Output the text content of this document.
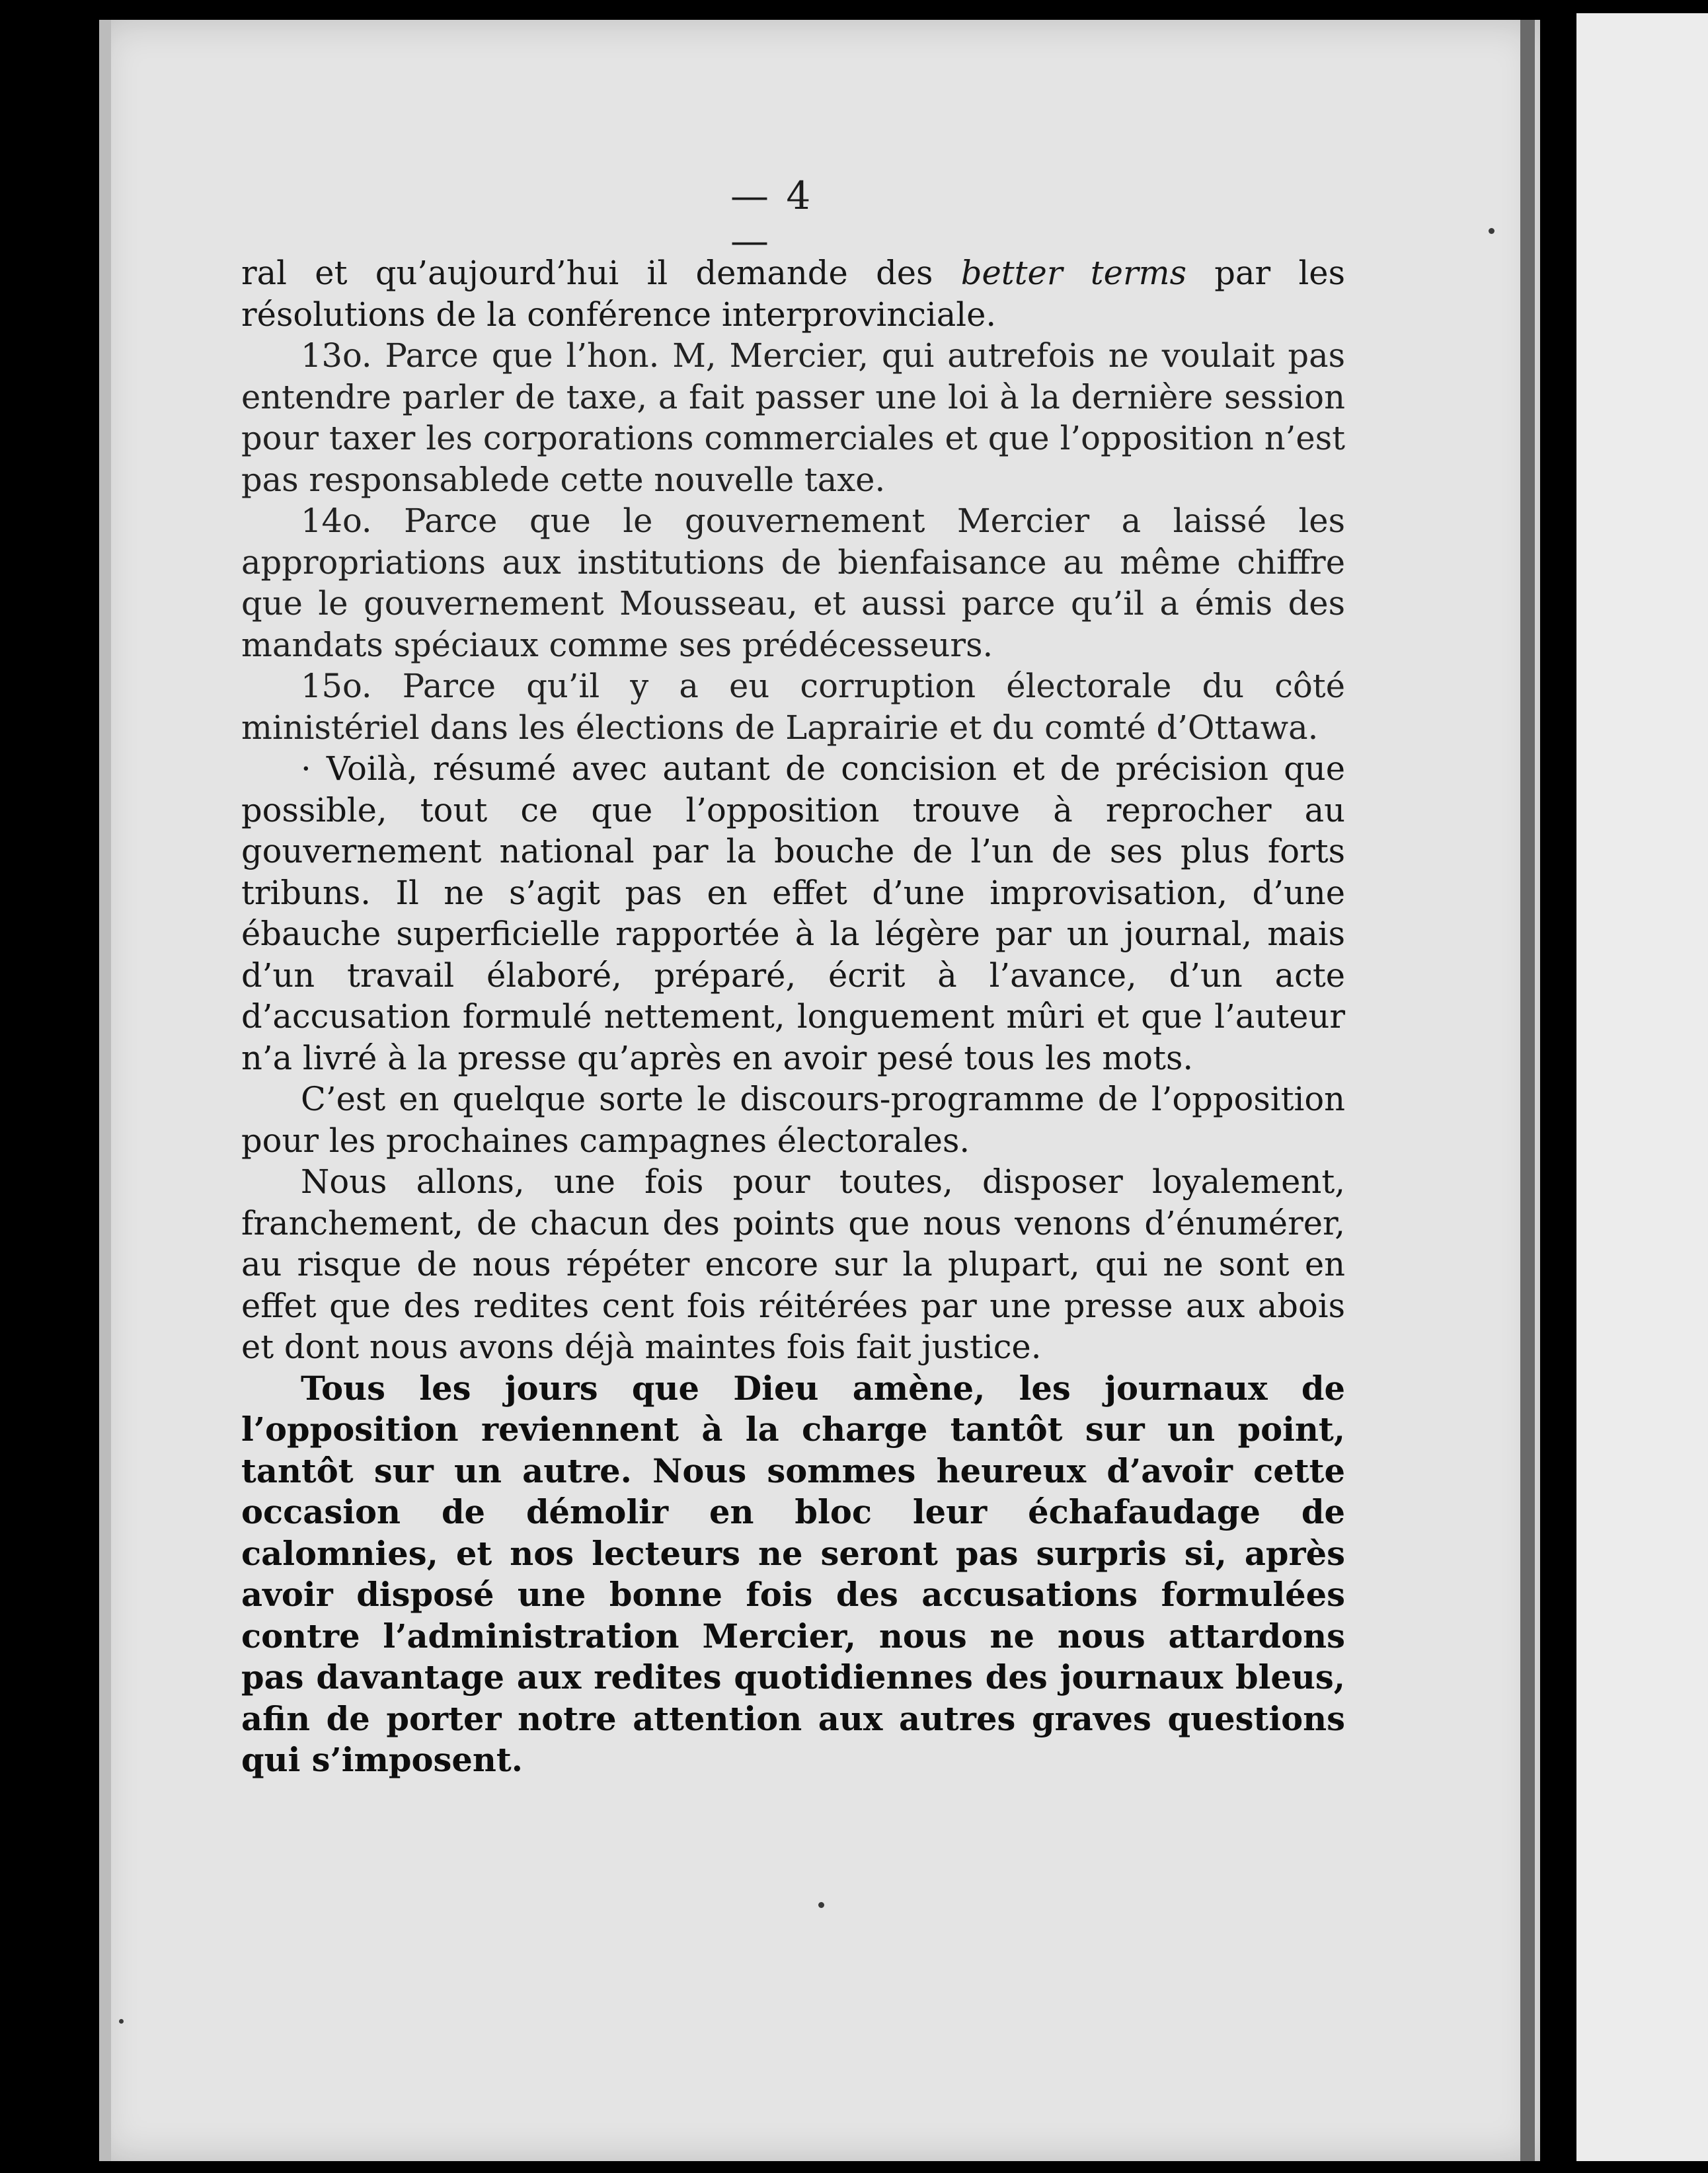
— 4 —

ral et qu’aujourd’hui il demande des better terms par les résolutions de la conférence interprovinciale.

13o. Parce que l’hon. M, Mercier, qui autrefois ne voulait pas entendre parler de taxe, a fait passer une loi à la dernière session pour taxer les corporations commerciales et que l’opposition n’est pas responsablede cette nouvelle taxe.

14o. Parce que le gouvernement Mercier a laissé les appropriations aux institutions de bienfaisance au même chiffre que le gouvernement Mousseau, et aussi parce qu’il a émis des mandats spéciaux comme ses prédécesseurs.

15o. Parce qu’il y a eu corruption électorale du côté ministériel dans les élections de Laprairie et du comté d’Ottawa.

· Voilà, résumé avec autant de concision et de précision que possible, tout ce que l’opposition trouve à reprocher au gouvernement national par la bouche de l’un de ses plus forts tribuns. Il ne s’agit pas en effet d’une improvisation, d’une ébauche superficielle rapportée à la légère par un journal, mais d’un travail élaboré, préparé, écrit à l’avance, d’un acte d’accusation formulé nettement, longuement mûri et que l’auteur n’a livré à la presse qu’après en avoir pesé tous les mots.

C’est en quelque sorte le discours-programme de l’opposition pour les prochaines campagnes électorales.

Nous allons, une fois pour toutes, disposer loyalement, franchement, de chacun des points que nous venons d’énumérer, au risque de nous répéter encore sur la plupart, qui ne sont en effet que des redites cent fois réitérées par une presse aux abois et dont nous avons déjà maintes fois fait justice.

Tous les jours que Dieu amène, les journaux de l’opposition reviennent à la charge tantôt sur un point, tantôt sur un autre. Nous sommes heureux d’avoir cette occasion de démolir en bloc leur échafaudage de calomnies, et nos lecteurs ne seront pas surpris si, après avoir disposé une bonne fois des accusations formulées contre l’administration Mercier, nous ne nous attardons pas davantage aux redites quotidiennes des journaux bleus, afin de porter notre attention aux autres graves questions qui s’imposent.
